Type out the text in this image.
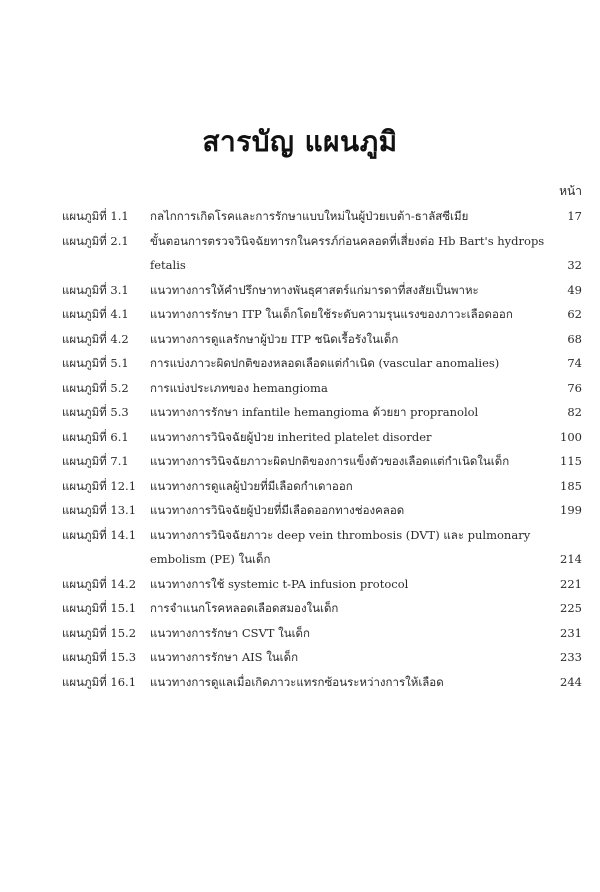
สารบัญ แผนภูมิ
หน้า
แผนภูมิที่ 1.1 กลไกการเกิดโรคและการรักษาแบบใหม่ในผู้ป่วยเบต้า-ธาลัสซีเมีย	17
แผนภูมิที่ 2.1 ขั้นตอนการตรวจวินิจฉัยทารกในครรภ์ก่อนคลอดที่เสี่ยงต่อ Hb Bart's hydrops
fetalis	32
แผนภูมิที่ 3.1 แนวทางการให้คำปรึกษาทางพันธุศาสตร์แก่มารดาที่สงสัยเป็นพาหะ	49
แผนภูมิที่ 4.1 แนวทางการรักษา ITP ในเด็กโดยใช้ระดับความรุนแรงของภาวะเลือดออก	62
แผนภูมิที่ 4.2 แนวทางการดูแลรักษาผู้ป่วย ITP ชนิดเรื้อรังในเด็ก	68
แผนภูมิที่ 5.1 การแบ่งภาวะผิดปกติของหลอดเลือดแต่กำเนิด (vascular anomalies)	74
แผนภูมิที่ 5.2 การแบ่งประเภทของ hemangioma	76
แผนภูมิที่ 5.3 แนวทางการรักษา infantile hemangioma ด้วยยา propranolol	82
แผนภูมิที่ 6.1 แนวทางการวินิจฉัยผู้ป่วย inherited platelet disorder	100
แผนภูมิที่ 7.1 แนวทางการวินิจฉัยภาวะผิดปกติของการแข็งตัวของเลือดแต่กำเนิดในเด็ก	115
แผนภูมิที่ 12.1 แนวทางการดูแลผู้ป่วยที่มีเลือดกำเดาออก	185
แผนภูมิที่ 13.1 แนวทางการวินิจฉัยผู้ป่วยที่มีเลือดออกทางช่องคลอด	199
แผนภูมิที่ 14.1 แนวทางการวินิจฉัยภาวะ deep vein thrombosis (DVT) และ pulmonary
embolism (PE) ในเด็ก	214
แผนภูมิที่ 14.2 แนวทางการใช้ systemic t-PA infusion protocol	221
แผนภูมิที่ 15.1 การจำแนกโรคหลอดเลือดสมองในเด็ก	225
แผนภูมิที่ 15.2 แนวทางการรักษา CSVT ในเด็ก	231
แผนภูมิที่ 15.3 แนวทางการรักษา AIS ในเด็ก	233
แผนภูมิที่ 16.1 แนวทางการดูแลเมื่อเกิดภาวะแทรกซ้อนระหว่างการให้เลือด	244
